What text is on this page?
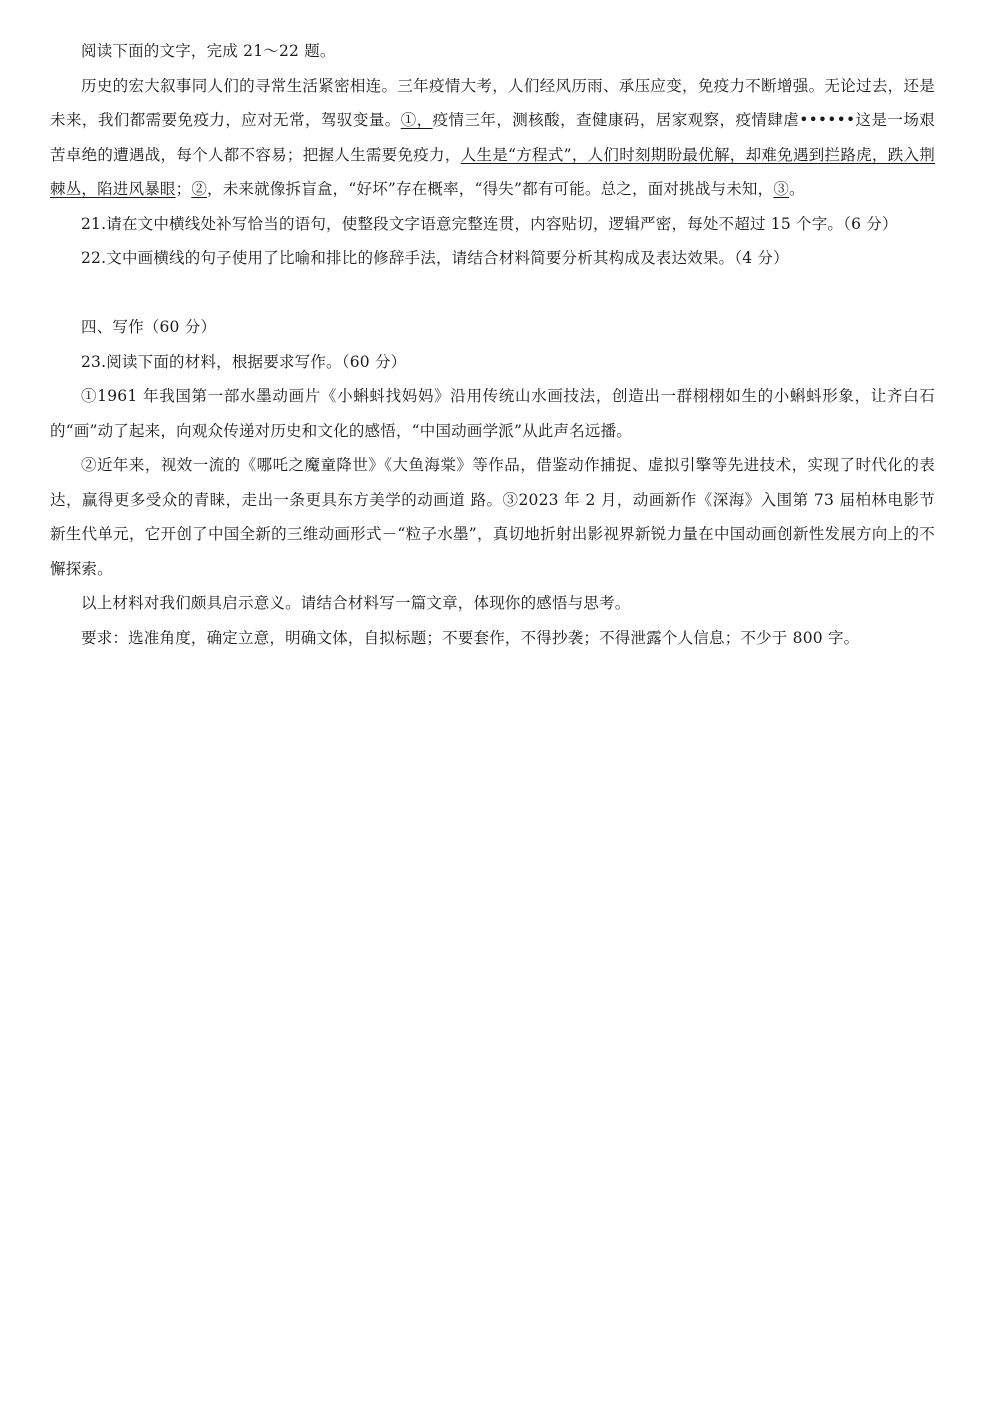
阅读下面的文字，完成 21～22 题。

历史的宏大叙事同人们的寻常生活紧密相连。三年疫情大考，人们经风历雨、承压应变，免疫力不断增强。无论过去，还是未来，我们都需要免疫力，应对无常，驾驭变量。①，疫情三年，测核酸，查健康码，居家观察，疫情肆虐••••••这是一场艰苦卓绝的遭遇战，每个人都不容易；把握人生需要免疫力，人生是“方程式”，人们时刻期盼最优解，却难免遇到拦路虎，跌入荆棘丛，陷进风暴眼；②，未来就像拆盲盒，“好坏”存在概率，“得失”都有可能。总之，面对挑战与未知，③。

21.请在文中横线处补写恰当的语句，使整段文字语意完整连贯，内容贴切，逻辑严密，每处不超过 15 个字。（6 分）

22.文中画横线的句子使用了比喻和排比的修辞手法，请结合材料简要分析其构成及表达效果。（4 分）

四、写作（60 分）

23.阅读下面的材料，根据要求写作。（60 分）

①1961 年我国第一部水墨动画片《小蝌蚪找妈妈》沿用传统山水画技法，创造出一群栩栩如生的小蝌蚪形象，让齐白石的“画”动了起来，向观众传递对历史和文化的感悟，“中国动画学派”从此声名远播。

②近年来，视效一流的《哪吒之魔童降世》《大鱼海棠》等作品，借鉴动作捕捉、虚拟引擎等先进技术，实现了时代化的表达，赢得更多受众的青睐，走出一条更具东方美学的动画道 路。③2023 年 2 月，动画新作《深海》入围第 73 届柏林电影节新生代单元，它开创了中国全新的三维动画形式－“粒子水墨”，真切地折射出影视界新锐力量在中国动画创新性发展方向上的不懈探索。

以上材料对我们颇具启示意义。请结合材料写一篇文章，体现你的感悟与思考。

要求：选准角度，确定立意，明确文体，自拟标题；不要套作，不得抄袭；不得泄露个人信息；不少于 800 字。
